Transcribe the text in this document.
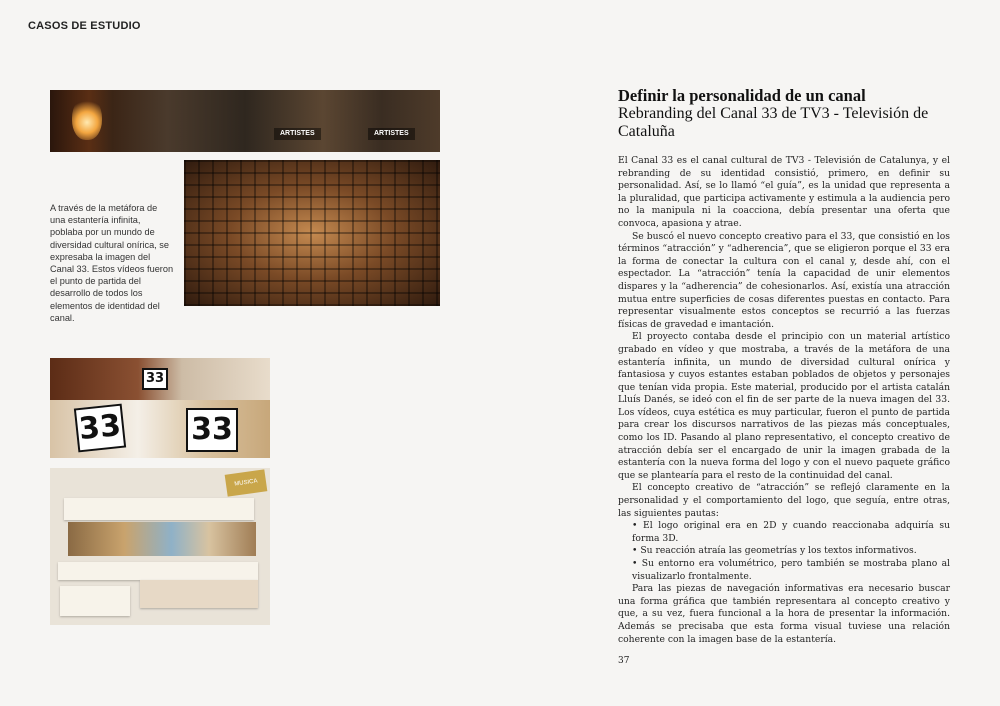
CASOS DE ESTUDIO
ARTISTES	ARTISTES
A través de la metáfora de una estantería infinita, poblaba por un mundo de diversidad cultural onírica, se expresaba la imagen del Canal 33. Estos vídeos fueron el punto de partida del desarrollo de todos los elementos de identidad del canal.
33
33 33
MUSICA
Definir la personalidad de un canal
Rebranding del Canal 33 de TV3 - Televisión de Cataluña

El Canal 33 es el canal cultural de TV3 - Televisión de Catalunya, y el rebranding de su identidad consistió, primero, en definir su personalidad. Así, se lo llamó “el guía”, es la unidad que representa a la pluralidad, que participa activamente y estimula a la audiencia pero no la manipula ni la coacciona, debía presentar una oferta que convoca, apasiona y atrae.

Se buscó el nuevo concepto creativo para el 33, que consistió en los términos “atracción” y “adherencia”, que se eligieron porque el 33 era la forma de conectar la cultura con el canal y, desde ahí, con el espectador. La “atracción” tenía la capacidad de unir elementos dispares y la “adherencia” de cohesionarlos. Así, existía una atracción mutua entre superficies de cosas diferentes puestas en contacto. Para representar visualmente estos conceptos se recurrió a las fuerzas físicas de gravedad e imantación.

El proyecto contaba desde el principio con un material artístico grabado en vídeo y que mostraba, a través de la metáfora de una estantería infinita, un mundo de diversidad cultural onírica y fantasiosa y cuyos estantes estaban poblados de objetos y personajes que tenían vida propia. Este material, producido por el artista catalán Lluís Danés, se ideó con el fin de ser parte de la nueva imagen del 33. Los vídeos, cuya estética es muy particular, fueron el punto de partida para crear los discursos narrativos de las piezas más conceptuales, como los ID. Pasando al plano representativo, el concepto creativo de atracción debía ser el encargado de unir la imagen grabada de la estantería con la nueva forma del logo y con el nuevo paquete gráfico que se plantearía para el resto de la continuidad del canal.

El concepto creativo de “atracción” se reflejó claramente en la personalidad y el comportamiento del logo, que seguía, entre otras, las siguientes pautas:

• El logo original era en 2D y cuando reaccionaba adquiría su forma 3D.
• Su reacción atraía las geometrías y los textos informativos.
• Su entorno era volumétrico, pero también se mostraba plano al visualizarlo frontalmente.

Para las piezas de navegación informativas era necesario buscar una forma gráfica que también representara al concepto creativo y que, a su vez, fuera funcional a la hora de presentar la información. Además se precisaba que esta forma visual tuviese una relación coherente con la imagen base de la estantería.

37
